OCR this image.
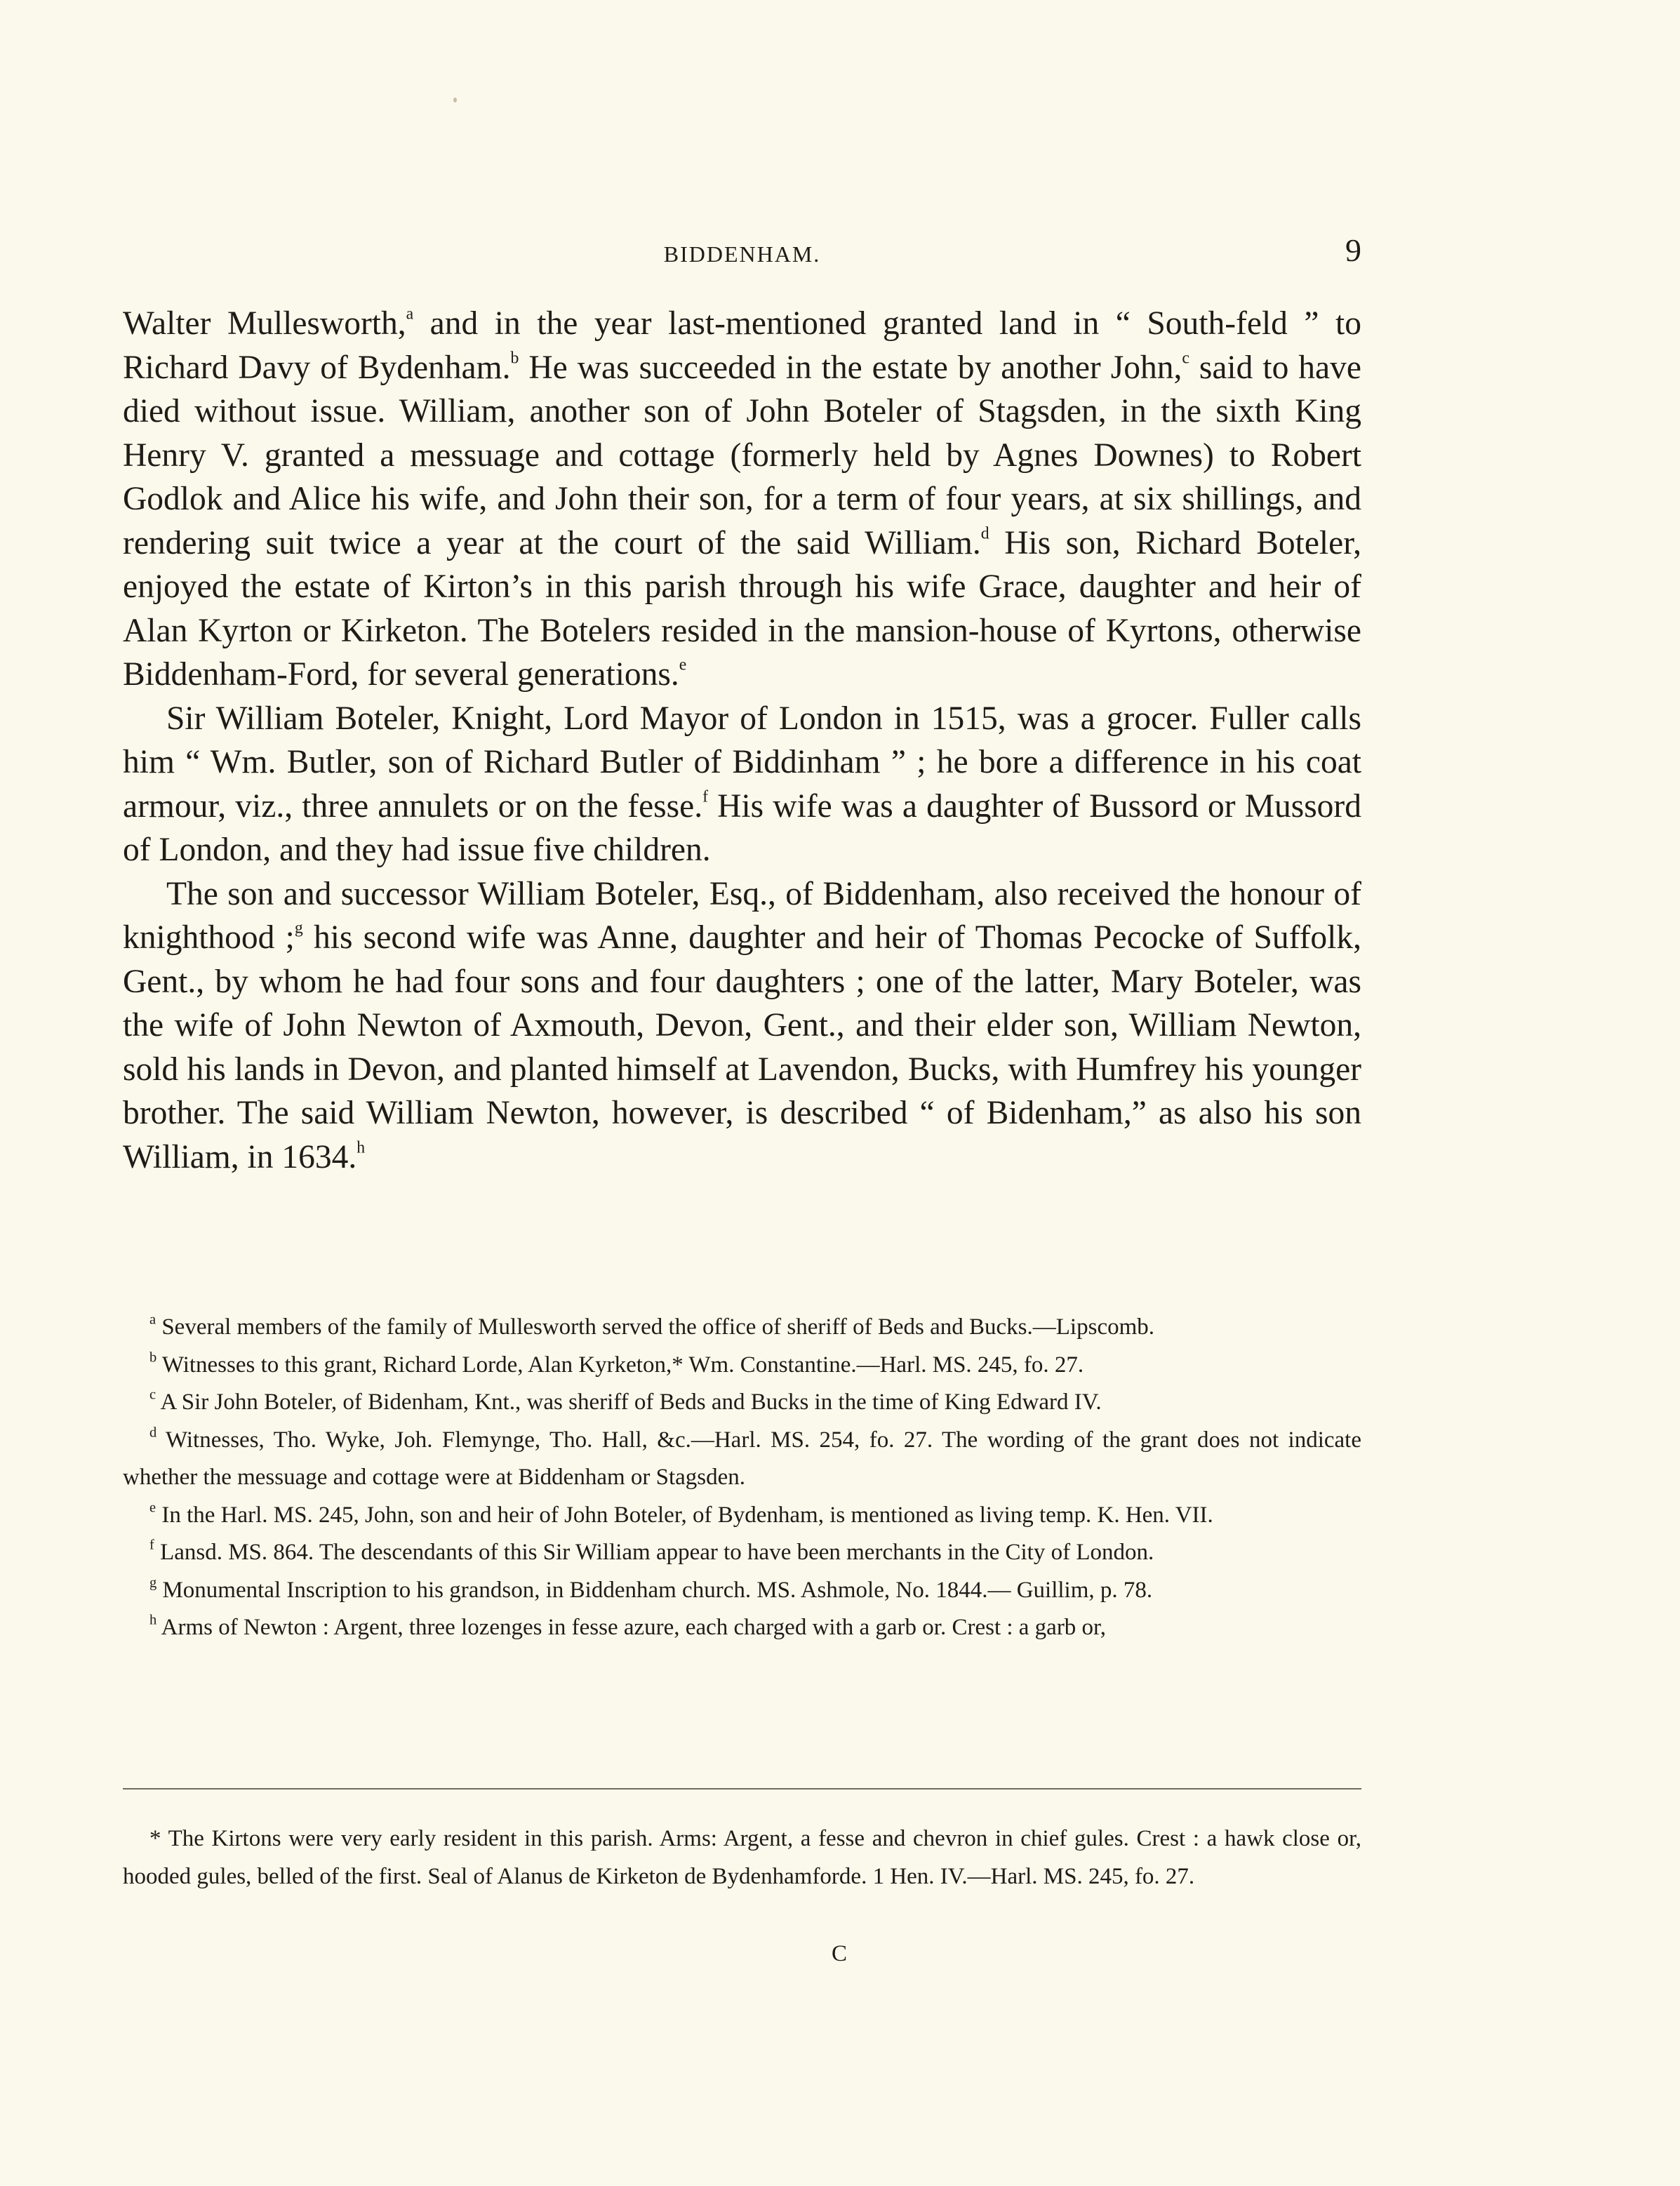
BIDDENHAM.	9

Walter Mullesworth,$^a$ and in the year last-mentioned granted land in “ South-feld ” to Richard Davy of Bydenham.$^b$ He was succeeded in the estate by another John,$^c$ said to have died without issue. William, another son of John Boteler of Stagsden, in the sixth King Henry V. granted a messuage and cottage (formerly held by Agnes Downes) to Robert Godlok and Alice his wife, and John their son, for a term of four years, at six shillings, and rendering suit twice a year at the court of the said William.$^d$ His son, Richard Boteler, enjoyed the estate of Kirton’s in this parish through his wife Grace, daughter and heir of Alan Kyrton or Kirketon. The Botelers resided in the mansion-house of Kyrtons, otherwise Biddenham-Ford, for several generations.$^e$

Sir William Boteler, Knight, Lord Mayor of London in 1515, was a grocer. Fuller calls him “ Wm. Butler, son of Richard Butler of Biddinham ” ; he bore a difference in his coat armour, viz., three annulets or on the fesse.$^f$ His wife was a daughter of Bussord or Mussord of London, and they had issue five children.

The son and successor William Boteler, Esq., of Biddenham, also received the honour of knighthood ;$^g$ his second wife was Anne, daughter and heir of Thomas Pecocke of Suffolk, Gent., by whom he had four sons and four daughters ; one of the latter, Mary Boteler, was the wife of John Newton of Axmouth, Devon, Gent., and their elder son, William Newton, sold his lands in Devon, and planted himself at Lavendon, Bucks, with Humfrey his younger brother. The said William Newton, however, is described “ of Bidenham,” as also his son William, in 1634.$^h$

$^a$ Several members of the family of Mullesworth served the office of sheriff of Beds and Bucks.—Lipscomb.

$^b$ Witnesses to this grant, Richard Lorde, Alan Kyrketon,* Wm. Constantine.—Harl. MS. 245, fo. 27.

$^c$ A Sir John Boteler, of Bidenham, Knt., was sheriff of Beds and Bucks in the time of King Edward IV.

$^d$ Witnesses, Tho. Wyke, Joh. Flemynge, Tho. Hall, &c.—Harl. MS. 254, fo. 27. The wording of the grant does not indicate whether the messuage and cottage were at Biddenham or Stagsden.

$^e$ In the Harl. MS. 245, John, son and heir of John Boteler, of Bydenham, is mentioned as living temp. K. Hen. VII.

$^f$ Lansd. MS. 864. The descendants of this Sir William appear to have been merchants in the City of London.

$^g$ Monumental Inscription to his grandson, in Biddenham church. MS. Ashmole, No. 1844.— Guillim, p. 78.

$^h$ Arms of Newton : Argent, three lozenges in fesse azure, each charged with a garb or. Crest : a garb or,

* The Kirtons were very early resident in this parish. Arms: Argent, a fesse and chevron in chief gules. Crest : a hawk close or, hooded gules, belled of the first. Seal of Alanus de Kirketon de Bydenhamforde. 1 Hen. IV.—Harl. MS. 245, fo. 27.

C
